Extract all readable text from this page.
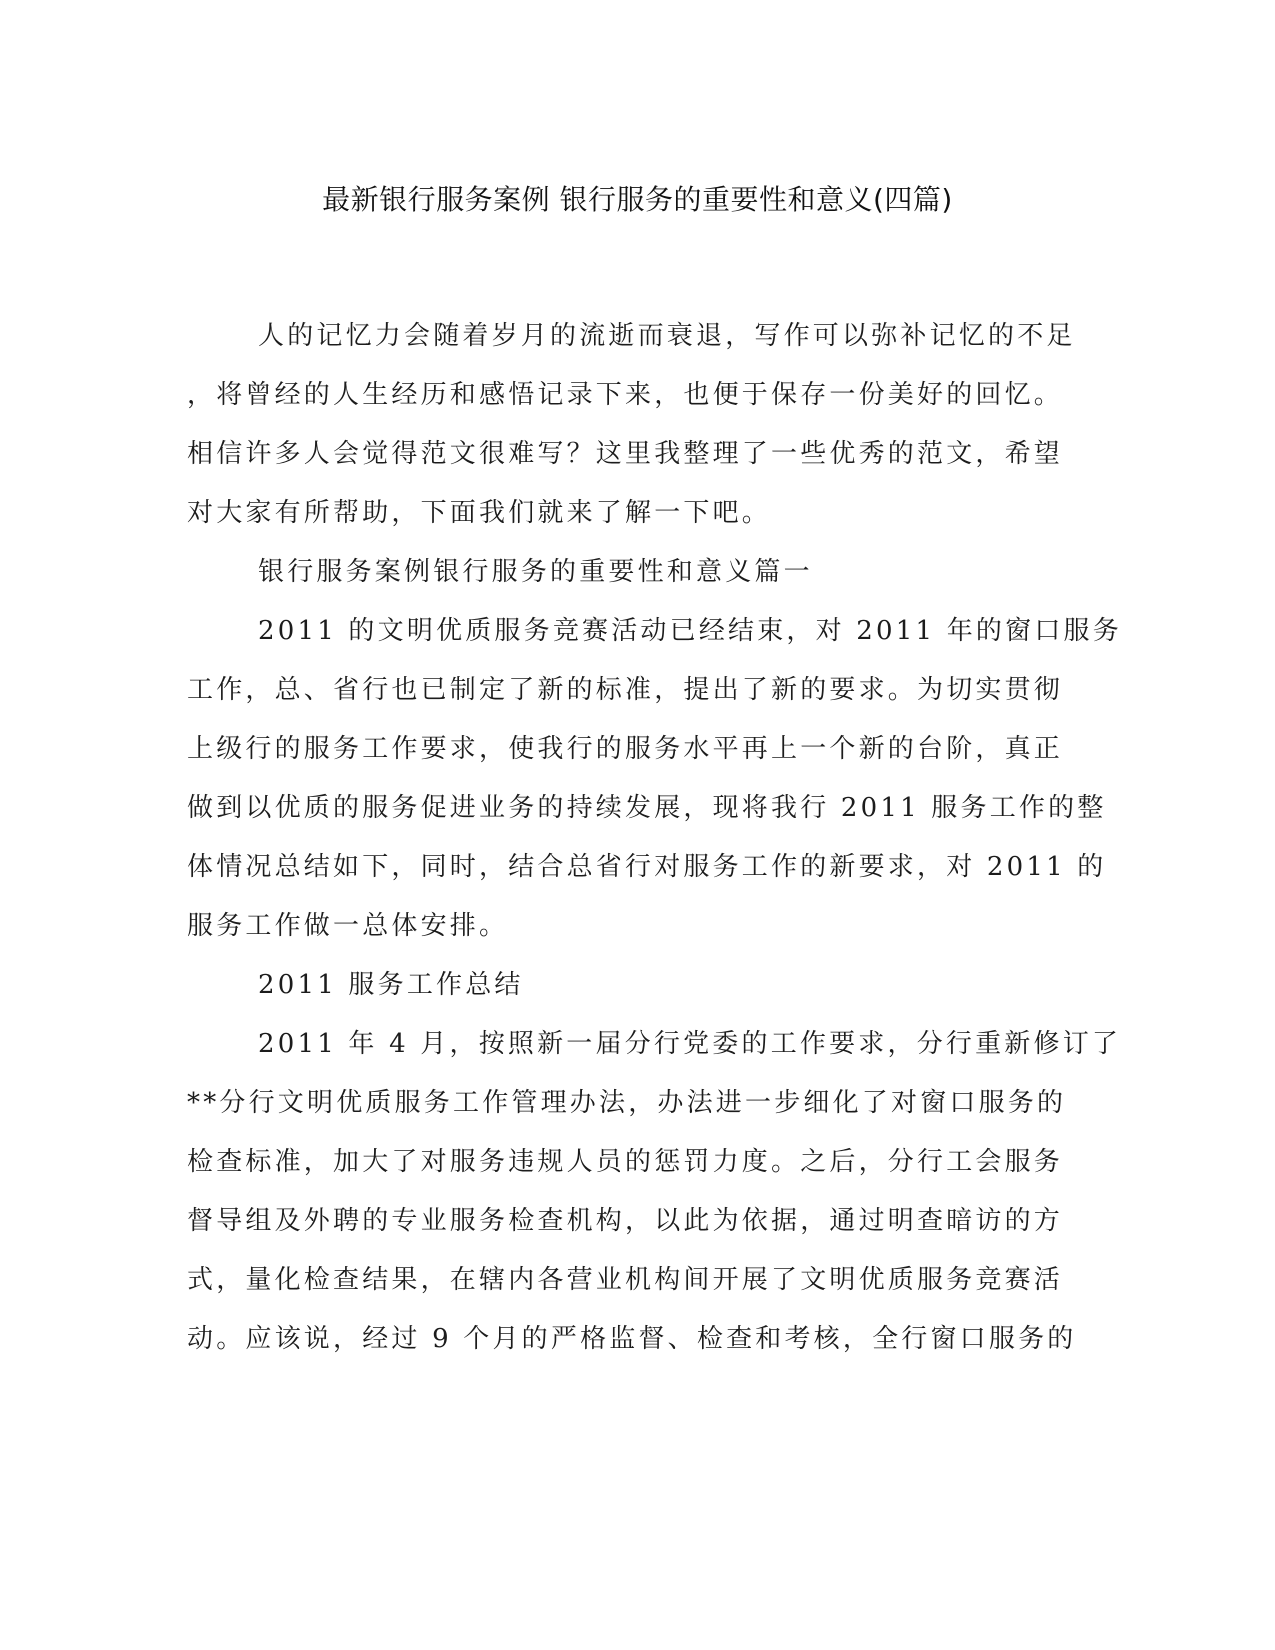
最新银行服务案例 银行服务的重要性和意义(四篇)
人的记忆力会随着岁月的流逝而衰退，写作可以弥补记忆的不足
，将曾经的人生经历和感悟记录下来，也便于保存一份美好的回忆。
相信许多人会觉得范文很难写？这里我整理了一些优秀的范文，希望
对大家有所帮助，下面我们就来了解一下吧。
银行服务案例银行服务的重要性和意义篇一
2011 的文明优质服务竞赛活动已经结束，对 2011 年的窗口服务
工作，总、省行也已制定了新的标准，提出了新的要求。为切实贯彻
上级行的服务工作要求，使我行的服务水平再上一个新的台阶，真正
做到以优质的服务促进业务的持续发展，现将我行 2011 服务工作的整
体情况总结如下，同时，结合总省行对服务工作的新要求，对 2011 的
服务工作做一总体安排。
2011 服务工作总结
2011 年 4 月，按照新一届分行党委的工作要求，分行重新修订了
**分行文明优质服务工作管理办法，办法进一步细化了对窗口服务的
检查标准，加大了对服务违规人员的惩罚力度。之后，分行工会服务
督导组及外聘的专业服务检查机构，以此为依据，通过明查暗访的方
式，量化检查结果，在辖内各营业机构间开展了文明优质服务竞赛活
动。应该说，经过 9 个月的严格监督、检查和考核，全行窗口服务的
